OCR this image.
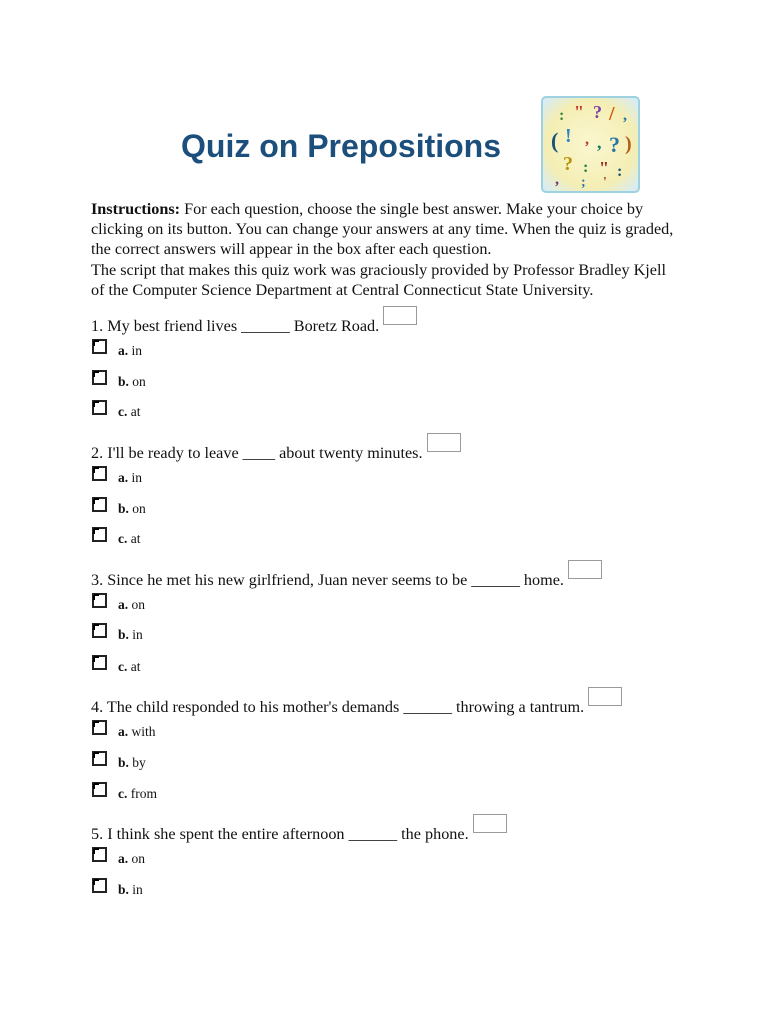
Quiz on Prepositions
: " ? / ,
( ! , , ? )
? : " :
, ; '

Instructions: For each question, choose the single best answer. Make your choice by clicking on its button. You can change your answers at any time. When the quiz is graded, the correct answers will appear in the box after each question.

The script that makes this quiz work was graciously provided by Professor Bradley Kjell of the Computer Science Department at Central Connecticut State University.

1. My best friend lives ______ Boretz Road.
a. in
b. on
c. at
2. I'll be ready to leave ____ about twenty minutes.
a. in
b. on
c. at
3. Since he met his new girlfriend, Juan never seems to be ______ home.
a. on
b. in
c. at
4. The child responded to his mother's demands ______ throwing a tantrum.
a. with
b. by
c. from
5. I think she spent the entire afternoon ______ the phone.
a. on
b. in
